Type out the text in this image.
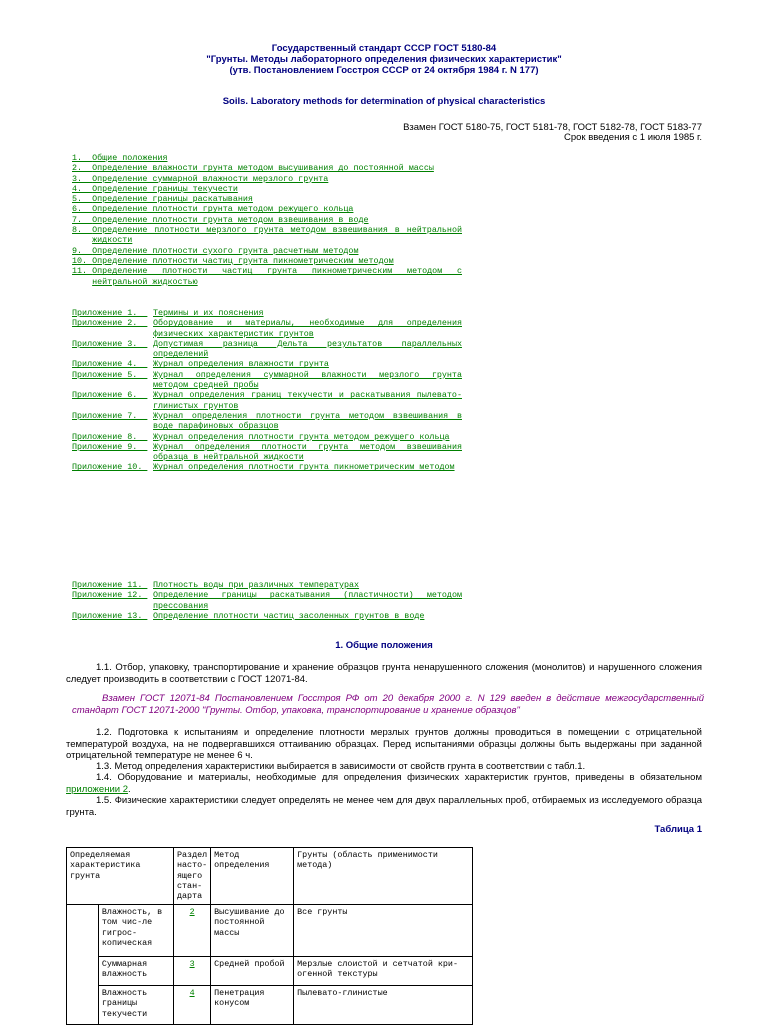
Государственный стандарт СССР ГОСТ 5180-84
"Грунты. Методы лабораторного определения физических характеристик"
(утв. Постановлением Госстроя СССР от 24 октября 1984 г. N 177)
Soils. Laboratory methods for determination of physical characteristics
Взамен ГОСТ 5180-75, ГОСТ 5181-78, ГОСТ 5182-78, ГОСТ 5183-77
Срок введения с 1 июля 1985 г.
1. Общие положения
2. Определение влажности грунта методом высушивания до постоянной массы
3. Определение суммарной влажности мерзлого грунта
4. Определение границы текучести
5. Определение границы раскатывания
6. Определение плотности грунта методом режущего кольца
7. Определение плотности грунта методом взвешивания в воде
8. Определение плотности мерзлого грунта методом взвешивания в нейтральной жидкости
9. Определение плотности сухого грунта расчетным методом
10. Определение плотности частиц грунта пикнометрическим методом
11. Определение плотности частиц грунта пикнометрическим методом с нейтральной жидкостью
Приложение 1. Термины и их пояснения
Приложение 2. Оборудование и материалы, необходимые для определения физических характеристик грунтов
Приложение 3. Допустимая разница Дельта результатов параллельных определений
Приложение 4. Журнал определения влажности грунта
Приложение 5. Журнал определения суммарной влажности мерзлого грунта методом средней пробы
Приложение 6. Журнал определения границ текучести и раскатывания пылевато-глинистых грунтов
Приложение 7. Журнал определения плотности грунта методом взвешивания в воде парафиновых образцов
Приложение 8. Журнал определения плотности грунта методом режущего кольца
Приложение 9. Журнал определения плотности грунта методом взвешивания образца в нейтральной жидкости
Приложение 10. Журнал определения плотности грунта пикнометрическим методом
Приложение 11. Плотность воды при различных температурах
Приложение 12. Определение границы раскатывания (пластичности) методом прессования
Приложение 13. Определение плотности частиц засоленных грунтов в воде
1. Общие положения
1.1. Отбор, упаковку, транспортирование и хранение образцов грунта ненарушенного сложения (монолитов) и нарушенного сложения следует производить в соответствии с ГОСТ 12071-84.
Взамен ГОСТ 12071-84 Постановлением Госстроя РФ от 20 декабря 2000 г. N 129 введен в действие межгосударственный стандарт ГОСТ 12071-2000 "Грунты. Отбор, упаковка, транспортирование и хранение образцов"
1.2. Подготовка к испытаниям и определение плотности мерзлых грунтов должны проводиться в помещении с отрицательной температурой воздуха, на не подвергавшихся оттаиванию образцах. Перед испытаниями образцы должны быть выдержаны при заданной отрицательной температуре не менее 6 ч.
1.3. Метод определения характеристики выбирается в зависимости от свойств грунта в соответствии с табл.1.
1.4. Оборудование и материалы, необходимые для определения физических характеристик грунтов, приведены в обязательном приложении 2.
1.5. Физические характеристики следует определять не менее чем для двух параллельных проб, отбираемых из исследуемого образца грунта.
Таблица 1
Определяемая характеристика грунта		Раздел насто-ящего стан-дарта	Метод определения	Грунты (область применимости метода)
	Влажность, в том чис-ле гигрос-копическая	2	Высушивание до постоянной массы	Все грунты
	Суммарная влажность	3	Средней пробой	Мерзлые слоистой и сетчатой кри-огенной текстуры
	Влажность границы текучести	4	Пенетрация конусом	Пылевато-глинистые
